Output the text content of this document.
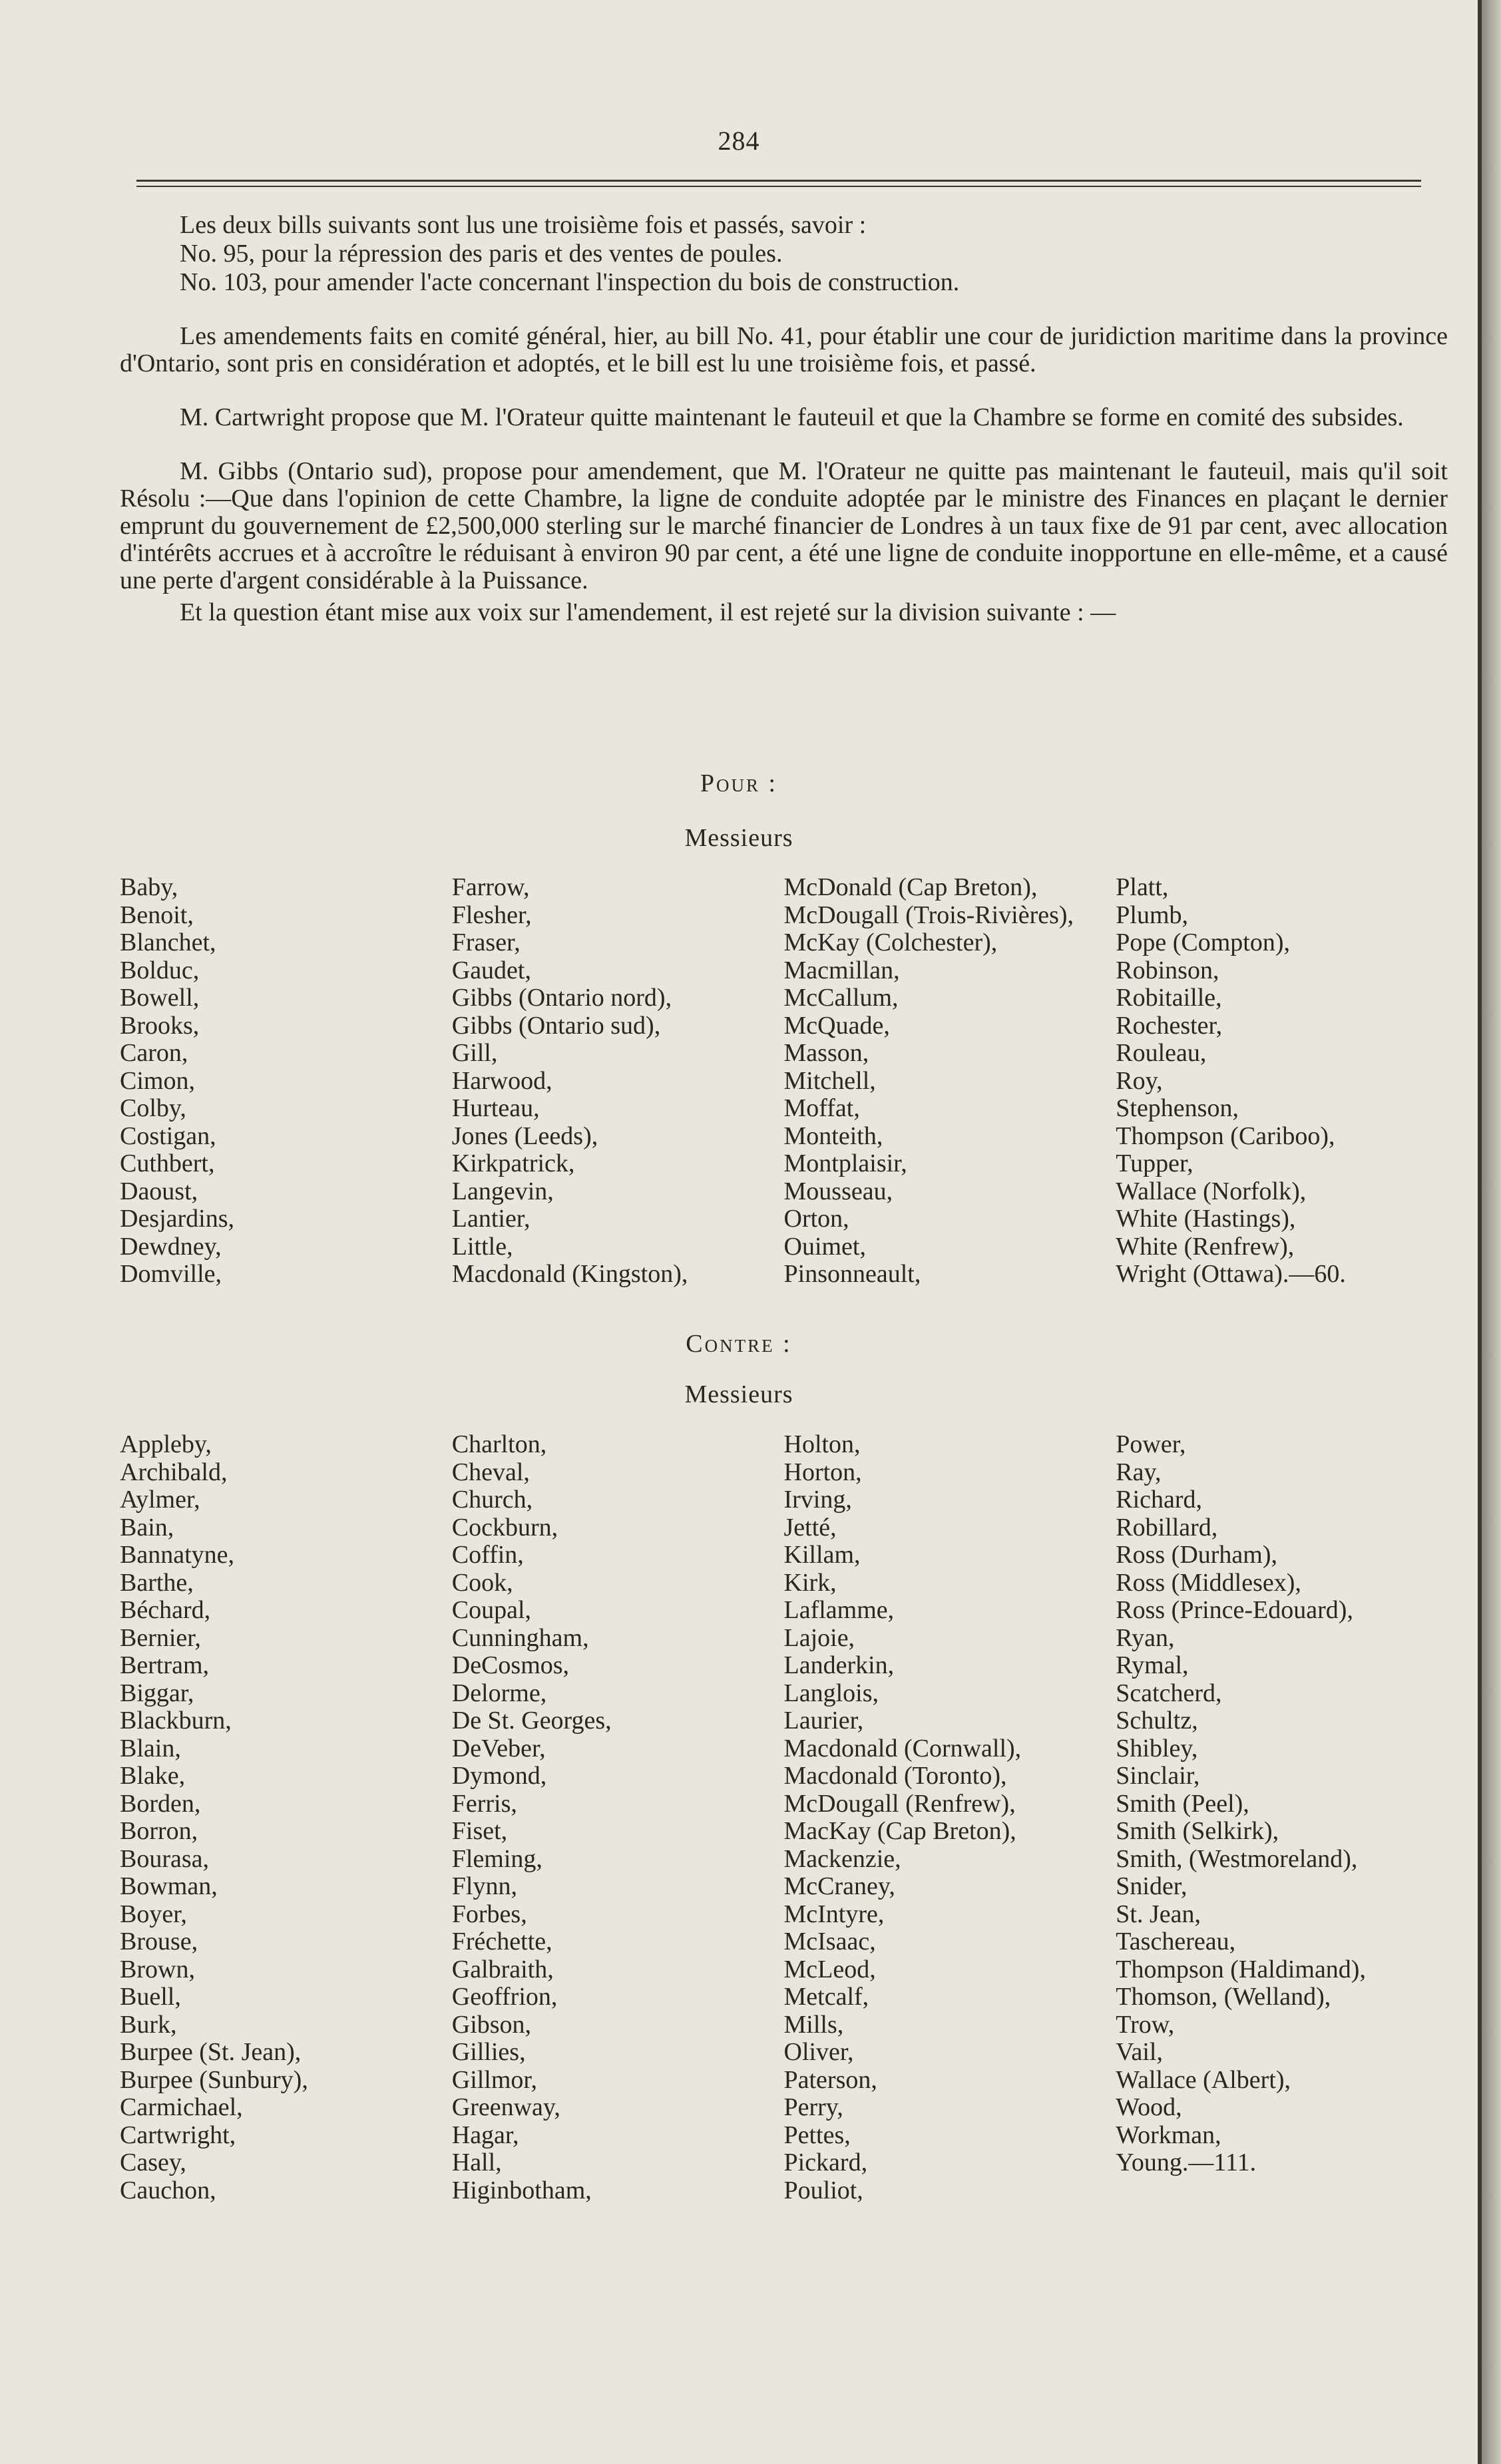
284

Les deux bills suivants sont lus une troisième fois et passés, savoir :

No. 95, pour la répression des paris et des ventes de poules.

No. 103, pour amender l'acte concernant l'inspection du bois de construction.

Les amendements faits en comité général, hier, au bill No. 41, pour établir une cour de juridiction maritime dans la province d'Ontario, sont pris en considération et adoptés, et le bill est lu une troisième fois, et passé.

M. Cartwright propose que M. l'Orateur quitte maintenant le fauteuil et que la Chambre se forme en comité des subsides.

M. Gibbs (Ontario sud), propose pour amendement, que M. l'Orateur ne quitte pas maintenant le fauteuil, mais qu'il soit Résolu :—Que dans l'opinion de cette Chambre, la ligne de conduite adoptée par le ministre des Finances en plaçant le dernier emprunt du gouvernement de £2,500,000 sterling sur le marché financier de Londres à un taux fixe de 91 par cent, avec allocation d'intérêts accrues et à accroître le réduisant à environ 90 par cent, a été une ligne de conduite inopportune en elle-même, et a causé une perte d'argent considérable à la Puissance.

Et la question étant mise aux voix sur l'amendement, il est rejeté sur la division suivante : —

Pour :
Messieurs
Baby,
Benoit,
Blanchet,
Bolduc,
Bowell,
Brooks,
Caron,
Cimon,
Colby,
Costigan,
Cuthbert,
Daoust,
Desjardins,
Dewdney,
Domville,
Farrow,
Flesher,
Fraser,
Gaudet,
Gibbs (Ontario nord),
Gibbs (Ontario sud),
Gill,
Harwood,
Hurteau,
Jones (Leeds),
Kirkpatrick,
Langevin,
Lantier,
Little,
Macdonald (Kingston),
McDonald (Cap Breton),
McDougall (Trois-Rivières),
McKay (Colchester),
Macmillan,
McCallum,
McQuade,
Masson,
Mitchell,
Moffat,
Monteith,
Montplaisir,
Mousseau,
Orton,
Ouimet,
Pinsonneault,
Platt,
Plumb,
Pope (Compton),
Robinson,
Robitaille,
Rochester,
Rouleau,
Roy,
Stephenson,
Thompson (Cariboo),
Tupper,
Wallace (Norfolk),
White (Hastings),
White (Renfrew),
Wright (Ottawa).—60.
Contre :
Messieurs
Appleby,
Archibald,
Aylmer,
Bain,
Bannatyne,
Barthe,
Béchard,
Bernier,
Bertram,
Biggar,
Blackburn,
Blain,
Blake,
Borden,
Borron,
Bourasa,
Bowman,
Boyer,
Brouse,
Brown,
Buell,
Burk,
Burpee (St. Jean),
Burpee (Sunbury),
Carmichael,
Cartwright,
Casey,
Cauchon,
Charlton,
Cheval,
Church,
Cockburn,
Coffin,
Cook,
Coupal,
Cunningham,
DeCosmos,
Delorme,
De St. Georges,
DeVeber,
Dymond,
Ferris,
Fiset,
Fleming,
Flynn,
Forbes,
Fréchette,
Galbraith,
Geoffrion,
Gibson,
Gillies,
Gillmor,
Greenway,
Hagar,
Hall,
Higinbotham,
Holton,
Horton,
Irving,
Jetté,
Killam,
Kirk,
Laflamme,
Lajoie,
Landerkin,
Langlois,
Laurier,
Macdonald (Cornwall),
Macdonald (Toronto),
McDougall (Renfrew),
MacKay (Cap Breton),
Mackenzie,
McCraney,
McIntyre,
McIsaac,
McLeod,
Metcalf,
Mills,
Oliver,
Paterson,
Perry,
Pettes,
Pickard,
Pouliot,
Power,
Ray,
Richard,
Robillard,
Ross (Durham),
Ross (Middlesex),
Ross (Prince-Edouard),
Ryan,
Rymal,
Scatcherd,
Schultz,
Shibley,
Sinclair,
Smith (Peel),
Smith (Selkirk),
Smith, (Westmoreland),
Snider,
St. Jean,
Taschereau,
Thompson (Haldimand),
Thomson, (Welland),
Trow,
Vail,
Wallace (Albert),
Wood,
Workman,
Young.—111.
